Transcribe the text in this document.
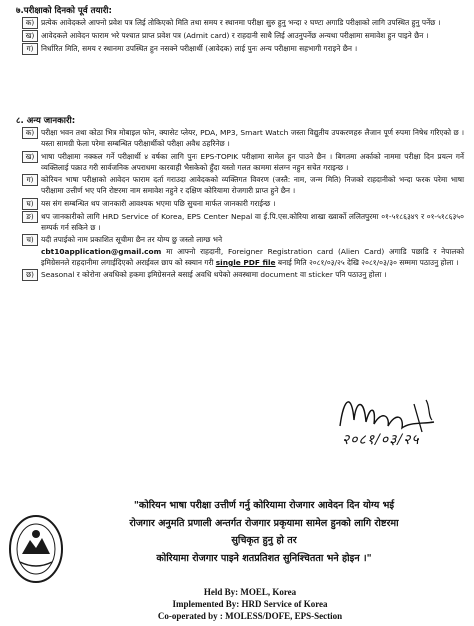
७.परीक्षाको दिनको पूर्व तयारी:
क) प्रत्येक आवेदकले आफ्नो प्रवेश पत्र लिई तोकिएको मिति तथा समय र स्थानमा परीक्षा सुरु हुनु भन्दा २ घण्टा अगाडि परीक्षाको लागि उपस्थित हुनु पर्नेछ ।
ख) आवेदकले आवेदन फाराम भरे पश्चात प्राप्त प्रवेश पत्र (Admit card) र राहदानी साथै लिई आउनुपर्नेछ अन्यथा परीक्षामा समावेश हुन पाइने छैन ।
ग)	निर्धारित मिति, समय र स्थानमा उपस्थित हुन नसक्ने परीक्षार्थी (आवेदक) लाई पुनः अन्य परीक्षामा सहभागी गराइने छैन ।
८. अन्य जानकारी:
क) परीक्षा भवन तथा कोठा भित्र मोबाइल फोन, क्यासेट प्लेयर, PDA, MP3, Smart Watch जस्ता विद्युतीय उपकरणहरु लैजान पूर्ण रुपमा निषेध गरिएको छ । यस्ता सामग्री फेला परेमा सम्बन्धित परीक्षार्थीको परीक्षा अवैध ठहरिनेछ ।
ख) भाषा परीक्षामा नक्कल गर्ने परीक्षार्थी ४ वर्षका लागि पुनः EPS-TOPIK परीक्षामा सामेल हुन पाउने छैन । बिगतमा अर्काको नाममा परीक्षा दिन प्रयत्न गर्ने व्यक्तिलाई पक्राउ गरी सार्वजनिक अपराधमा कारवाही भैसकेको हुँदा यस्तो गलत काममा संलग्न नहुन सचेत गराइन्छ ।
ग)	कोरियन भाषा परीक्षाको आवेदन फाराम दर्ता गराउदा आवेदकको व्यक्तिगत विवरण (जस्तै: नाम, जन्म मिति) निजको राहदानीको भन्दा फरक परेमा भाषा परीक्षामा उत्तीर्ण भए पनि रोष्टरमा नाम समावेश नहुने र दक्षिण कोरियामा रोजगारी प्राप्त हुने छैन ।
घ)	यस संग सम्बन्धित थप जानकारी आवश्यक भएमा पछि सुचना मार्फत जानकारी गराईन्छ ।
ङ) थप जानकारीको लागि HRD Service of Korea, EPS Center Nepal वा ई.पि.एस.कोरिया शाखा ख्वार्को ललितपुरमा ०१-५१८६३४९ र ०१-५१८६३५० सम्पर्क गर्न सकिने छ ।
च) यदी तपाईको नाम प्रकाशित सूचीमा छैन तर योग्य छु जस्तो लाग्छ भने
cbt10application@gmail.com मा आफ्नो राहदानी, Foreigner Registration card (Alien Card) अगाडि पछाडि र नेपालको इमिग्रेसनले राहदानीमा लगाईदिएको अराईवल छाप को स्क्यान गरी single PDF file बनाई मिति २०८१/०३/२५ देखि २०८१/०३/३० सम्ममा पठाउनु होला ।
छ) Seasonal र कोरोना अवधिको हकमा इमिग्रेसनले बसाई अवधि थपेको अवस्थामा document वा sticker पनि पठाउनु होला ।
२०८१/०३/२५
"कोरियन भाषा परीक्षा उत्तीर्ण गर्नु कोरियामा रोजगार आवेदन दिन योग्य भई
रोजगार अनुमति प्रणाली अन्तर्गत रोजगार प्रकृयामा सामेल हुनको लागि रोष्टरमा
सुचिकृत हुनु हो तर
कोरियामा रोजगार पाइने शतप्रतिशत सुनिश्चितता भने होइन ।"
Held By: MOEL, Korea
Implemented By: HRD Service of Korea
Co-operated by : MOLESS/DOFE, EPS-Section
